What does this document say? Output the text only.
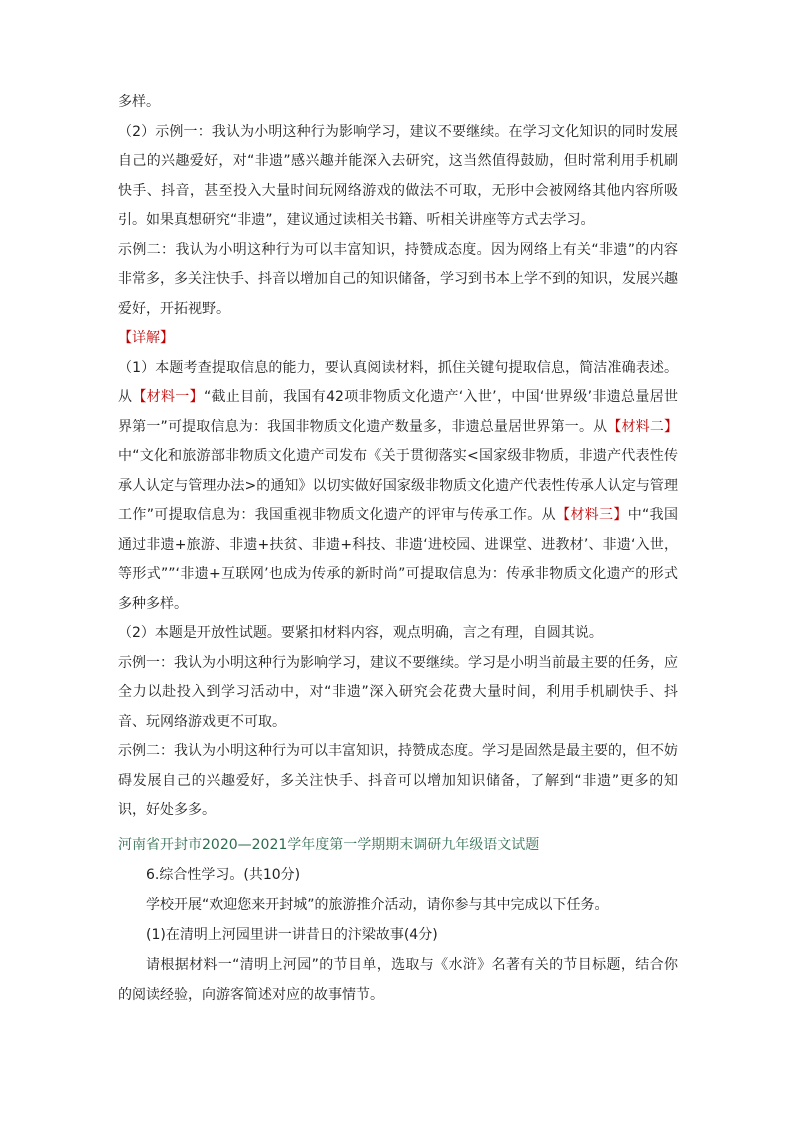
多样。

（2）示例一：我认为小明这种行为影响学习，建议不要继续。在学习文化知识的同时发展自己的兴趣爱好，对“非遗”感兴趣并能深入去研究，这当然值得鼓励，但时常利用手机刷快手、抖音，甚至投入大量时间玩网络游戏的做法不可取，无形中会被网络其他内容所吸引。如果真想研究“非遗”，建议通过读相关书籍、听相关讲座等方式去学习。

示例二：我认为小明这种行为可以丰富知识，持赞成态度。因为网络上有关“非遗”的内容非常多，多关注快手、抖音以增加自己的知识储备，学习到书本上学不到的知识，发展兴趣爱好，开拓视野。

【详解】

（1）本题考查提取信息的能力，要认真阅读材料，抓住关键句提取信息，简洁准确表述。从【材料一】“截止目前，我国有42项非物质文化遗产‘入世’，中国‘世界级’非遗总量居世界第一”可提取信息为：我国非物质文化遗产数量多，非遗总量居世界第一。从【材料二】中“文化和旅游部非物质文化遗产司发布《关于贯彻落实<国家级非物质，非遗产代表性传承人认定与管理办法>的通知》以切实做好国家级非物质文化遗产代表性传承人认定与管理工作”可提取信息为：我国重视非物质文化遗产的评审与传承工作。从【材料三】中“我国通过非遗+旅游、非遗+扶贫、非遗+科技、非遗‘进校园、进课堂、进教材’、非遗‘入世，等形式””‘非遗+互联网’也成为传承的新时尚”可提取信息为：传承非物质文化遗产的形式多种多样。

（2）本题是开放性试题。要紧扣材料内容，观点明确，言之有理，自圆其说。

示例一：我认为小明这种行为影响学习，建议不要继续。学习是小明当前最主要的任务，应全力以赴投入到学习活动中，对“非遗”深入研究会花费大量时间，利用手机刷快手、抖音、玩网络游戏更不可取。

示例二：我认为小明这种行为可以丰富知识，持赞成态度。学习是固然是最主要的，但不妨碍发展自己的兴趣爱好，多关注快手、抖音可以增加知识储备，了解到“非遗”更多的知识，好处多多。

河南省开封市2020—2021学年度第一学期期末调研九年级语文试题

6.综合性学习。(共10分)

学校开展“欢迎您来开封城”的旅游推介活动，请你参与其中完成以下任务。

(1)在清明上河园里讲一讲昔日的汴梁故事(4分)

请根据材料一“清明上河园”的节目单，选取与《水浒》名著有关的节目标题，结合你的阅读经验，向游客简述对应的故事情节。
